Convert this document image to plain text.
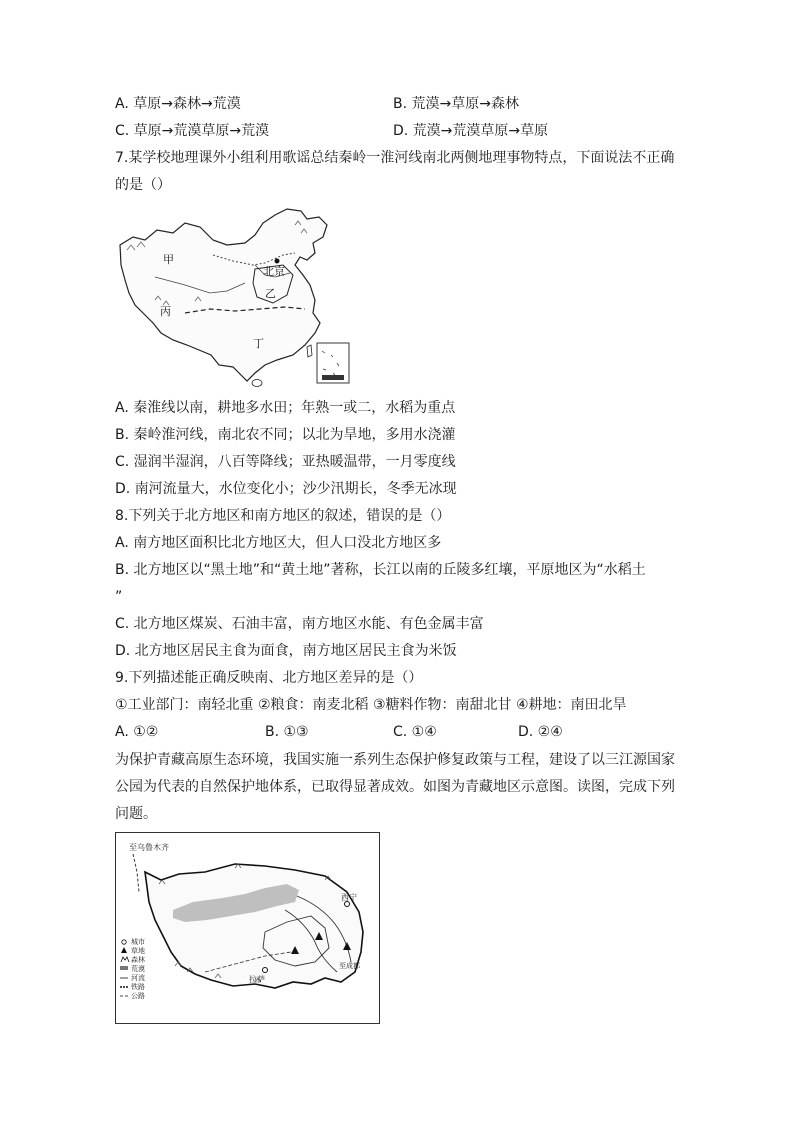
A. 草原→森林→荒漠	B. 荒漠→草原→森林
C. 草原→荒漠草原→荒漠	D. 荒漠→荒漠草原→草原
7.某学校地理课外小组利用歌谣总结秦岭一淮河线南北两侧地理事物特点，下面说法不正确
的是（）
北京
甲
乙
丙
丁
A. 秦淮线以南，耕地多水田；年熟一或二，水稻为重点
B. 秦岭淮河线，南北农不同；以北为旱地，多用水浇灌
C. 湿润半湿润，八百等降线；亚热暖温带，一月零度线
D. 南河流量大，水位变化小；沙少汛期长，冬季无冰现
8.下列关于北方地区和南方地区的叙述，错误的是（）
A. 南方地区面积比北方地区大，但人口没北方地区多
B. 北方地区以“黑土地”和“黄土地”著称，长江以南的丘陵多红壤，平原地区为“水稻土
”
C. 北方地区煤炭、石油丰富，南方地区水能、有色金属丰富
D. 北方地区居民主食为面食，南方地区居民主食为米饭
9.下列描述能正确反映南、北方地区差异的是（）
①工业部门：南轻北重 ②粮食：南麦北稻 ③糖料作物：南甜北甘 ④耕地：南田北旱
A. ①②	B. ①③	C. ①④	D. ②④
为保护青藏高原生态环境，我国实施一系列生态保护修复政策与工程，建设了以三江源国家
公园为代表的自然保护地体系，已取得显著成效。如图为青藏地区示意图。读图，完成下列
问题。
至乌鲁木齐
西宁
拉萨
至成都
城市
草地
森林
荒漠
河流
铁路
公路
